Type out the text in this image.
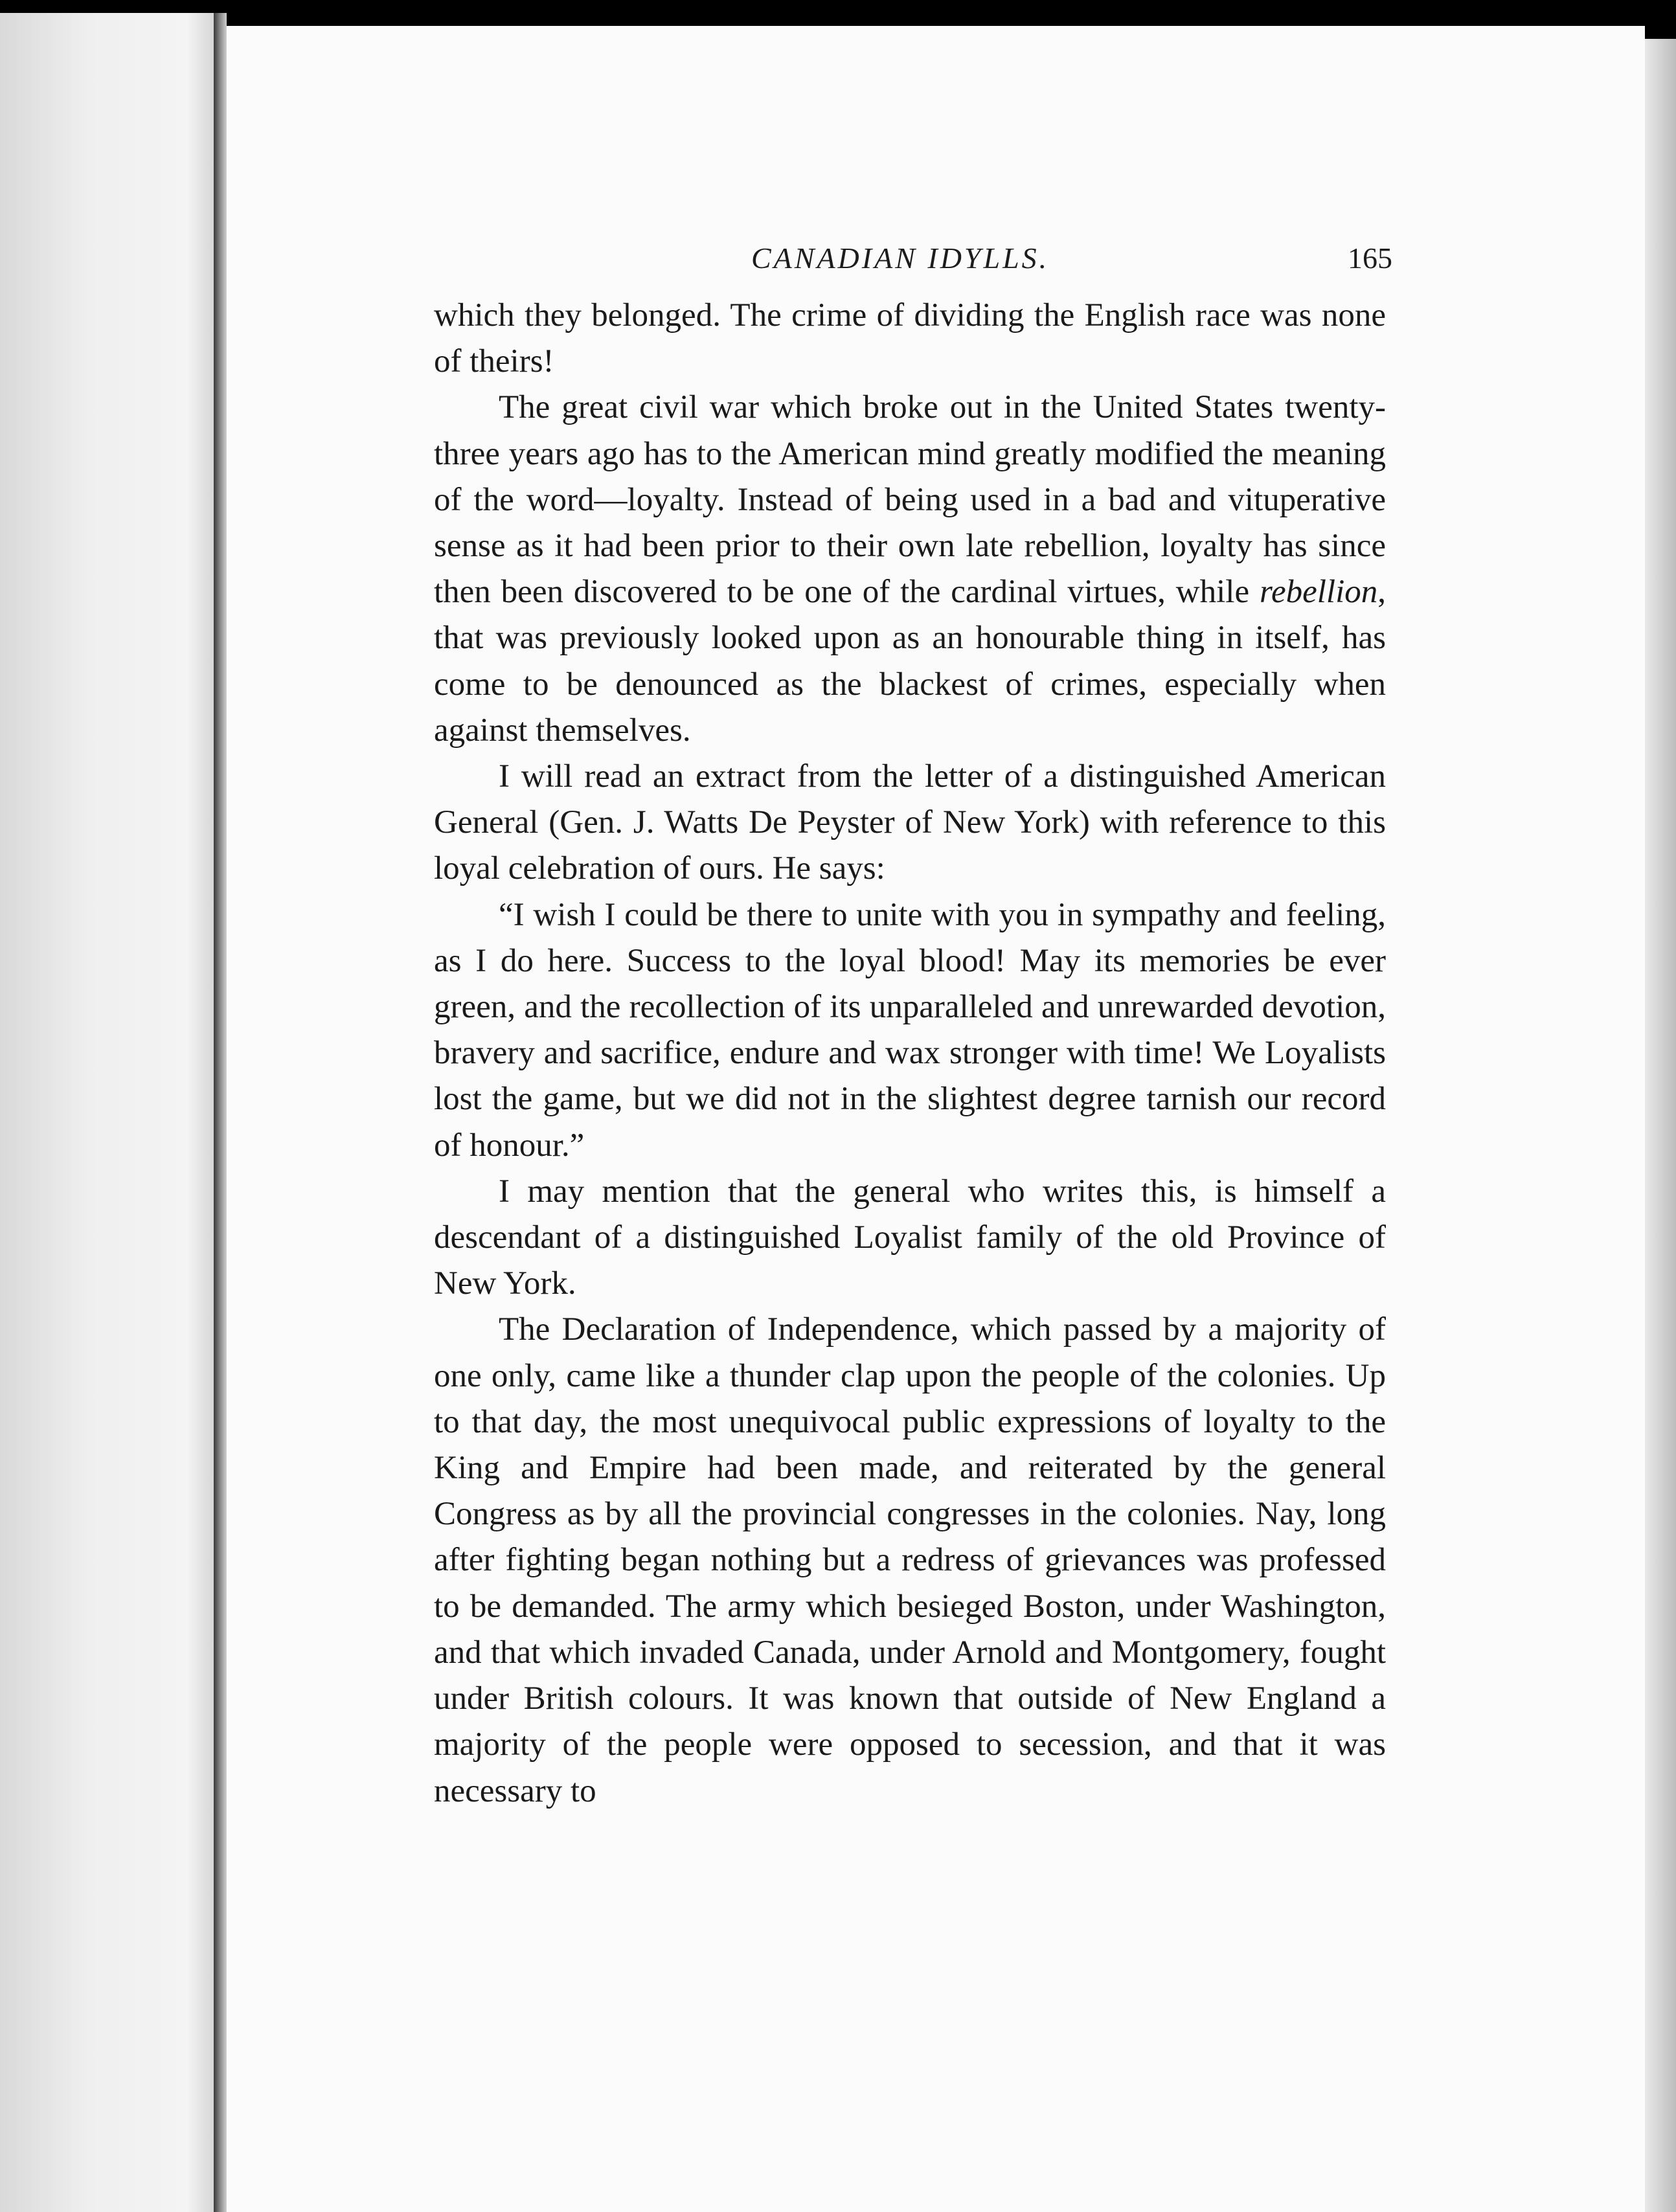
CANADIAN IDYLLS.	165

which they belonged. The crime of dividing the English race was none of theirs!

The great civil war which broke out in the United States twenty-three years ago has to the American mind greatly modified the meaning of the word—loyalty. Instead of being used in a bad and vituperative sense as it had been prior to their own late rebellion, loyalty has since then been discovered to be one of the cardinal virtues, while rebellion, that was previously looked upon as an honourable thing in itself, has come to be denounced as the blackest of crimes, especially when against themselves.

I will read an extract from the letter of a distinguished American General (Gen. J. Watts De Peyster of New York) with reference to this loyal celebration of ours. He says:

“I wish I could be there to unite with you in sympathy and feeling, as I do here. Success to the loyal blood! May its memories be ever green, and the recollection of its unparalleled and unrewarded devotion, bravery and sacrifice, endure and wax stronger with time! We Loyalists lost the game, but we did not in the slightest degree tarnish our record of honour.”

I may mention that the general who writes this, is himself a descendant of a distinguished Loyalist family of the old Province of New York.

The Declaration of Independence, which passed by a majority of one only, came like a thunder clap upon the people of the colonies. Up to that day, the most unequivocal public expressions of loyalty to the King and Empire had been made, and reiterated by the general Congress as by all the provincial congresses in the colonies. Nay, long after fighting began nothing but a redress of grievances was professed to be demanded. The army which besieged Boston, under Washington, and that which invaded Canada, under Arnold and Montgomery, fought under British colours. It was known that outside of New England a majority of the people were opposed to secession, and that it was necessary to
